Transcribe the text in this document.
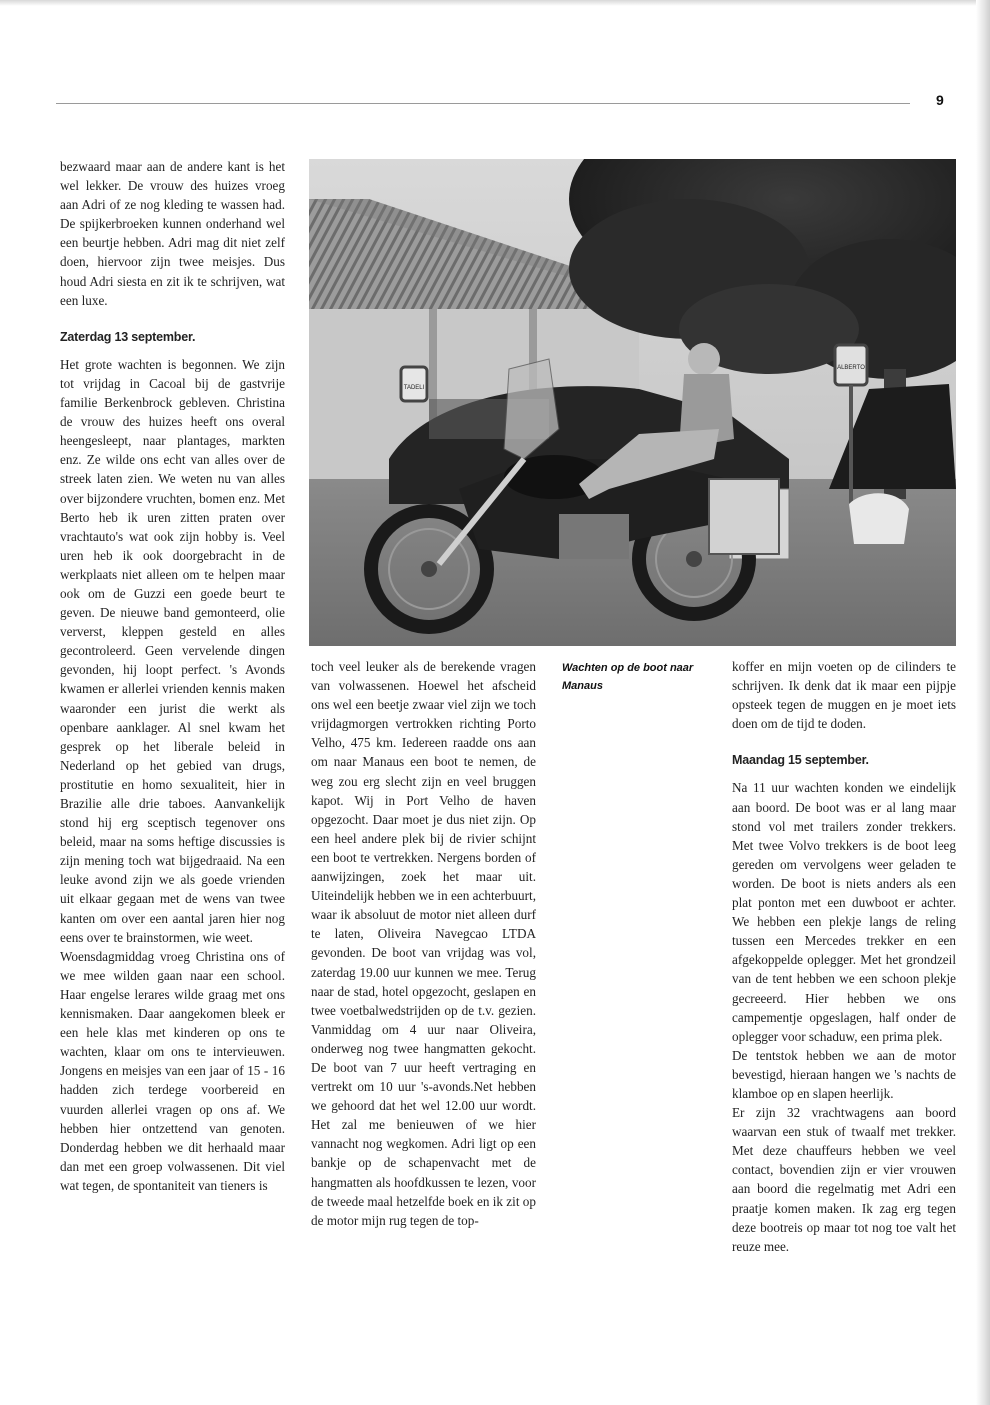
9

bezwaard maar aan de andere kant is het wel lekker. De vrouw des huizes vroeg aan Adri of ze nog kleding te wassen had. De spijkerbroeken kunnen onderhand wel een beurtje hebben. Adri mag dit niet zelf doen, hiervoor zijn twee meisjes. Dus houd Adri siesta en zit ik te schrijven, wat een luxe.

Zaterdag 13 september.

Het grote wachten is begonnen. We zijn tot vrijdag in Cacoal bij de gastvrije familie Berkenbrock gebleven. Christina de vrouw des huizes heeft ons overal heengesleept, naar plantages, markten enz. Ze wilde ons echt van alles over de streek laten zien. We weten nu van alles over bijzondere vruchten, bomen enz. Met Berto heb ik uren zitten praten over vrachtauto's wat ook zijn hobby is. Veel uren heb ik ook doorgebracht in de werkplaats niet alleen om te helpen maar ook om de Guzzi een goede beurt te geven. De nieuwe band gemonteerd, olie ververst, kleppen gesteld en alles gecontroleerd. Geen vervelende dingen gevonden, hij loopt perfect. 's Avonds kwamen er allerlei vrienden kennis maken waaronder een jurist die werkt als openbare aanklager. Al snel kwam het gesprek op het liberale beleid in Nederland op het gebied van drugs, prostitutie en homo sexualiteit, hier in Brazilie alle drie taboes. Aanvankelijk stond hij erg sceptisch tegenover ons beleid, maar na soms heftige discussies is zijn mening toch wat bijgedraaid. Na een leuke avond zijn we als goede vrienden uit elkaar gegaan met de wens van twee kanten om over een aantal jaren hier nog eens over te brainstormen, wie weet.

Woensdagmiddag vroeg Christina ons of we mee wilden gaan naar een school. Haar engelse lerares wilde graag met ons kennismaken. Daar aangekomen bleek er een hele klas met kinderen op ons te wachten, klaar om ons te intervieuwen. Jongens en meisjes van een jaar of 15 - 16 hadden zich terdege voorbereid en vuurden allerlei vragen op ons af. We hebben hier ontzettend van genoten. Donderdag hebben we dit herhaald maar dan met een groep volwassenen. Dit viel wat tegen, de spontaniteit van tieners is

TADELI
ALBERTO
Wachten op de boot naar Manaus

toch veel leuker als de berekende vragen van volwassenen. Hoewel het afscheid ons wel een beetje zwaar viel zijn we toch vrijdagmorgen vertrokken richting Porto Velho, 475 km. Iedereen raadde ons aan om naar Manaus een boot te nemen, de weg zou erg slecht zijn en veel bruggen kapot. Wij in Port Velho de haven opgezocht. Daar moet je dus niet zijn. Op een heel andere plek bij de rivier schijnt een boot te vertrekken. Nergens borden of aanwijzingen, zoek het maar uit. Uiteindelijk hebben we in een achterbuurt, waar ik absoluut de motor niet alleen durf te laten, Oliveira Navegcao LTDA gevonden. De boot van vrijdag was vol, zaterdag 19.00 uur kunnen we mee. Terug naar de stad, hotel opgezocht, geslapen en twee voetbalwedstrijden op de t.v. gezien. Vanmiddag om 4 uur naar Oliveira, onderweg nog twee hangmatten gekocht. De boot van 7 uur heeft vertraging en vertrekt om 10 uur 's-avonds.Net hebben we gehoord dat het wel 12.00 uur wordt. Het zal me benieuwen of we hier vannacht nog wegkomen. Adri ligt op een bankje op de schapenvacht met de hangmatten als hoofdkussen te lezen, voor de tweede maal hetzelfde boek en ik zit op de motor mijn rug tegen de top-

koffer en mijn voeten op de cilinders te schrijven. Ik denk dat ik maar een pijpje opsteek tegen de muggen en je moet iets doen om de tijd te doden.

Maandag 15 september.

Na 11 uur wachten konden we eindelijk aan boord. De boot was er al lang maar stond vol met trailers zonder trekkers. Met twee Volvo trekkers is de boot leeg gereden om vervolgens weer geladen te worden. De boot is niets anders als een plat ponton met een duwboot er achter. We hebben een plekje langs de reling tussen een Mercedes trekker en een afgekoppelde oplegger. Met het grondzeil van de tent hebben we een schoon plekje gecreeerd. Hier hebben we ons campementje opgeslagen, half onder de oplegger voor schaduw, een prima plek.

De tentstok hebben we aan de motor bevestigd, hieraan hangen we 's nachts de klamboe op en slapen heerlijk.

Er zijn 32 vrachtwagens aan boord waarvan een stuk of twaalf met trekker. Met deze chauffeurs hebben we veel contact, bovendien zijn er vier vrouwen aan boord die regelmatig met Adri een praatje komen maken. Ik zag erg tegen deze bootreis op maar tot nog toe valt het reuze mee.
